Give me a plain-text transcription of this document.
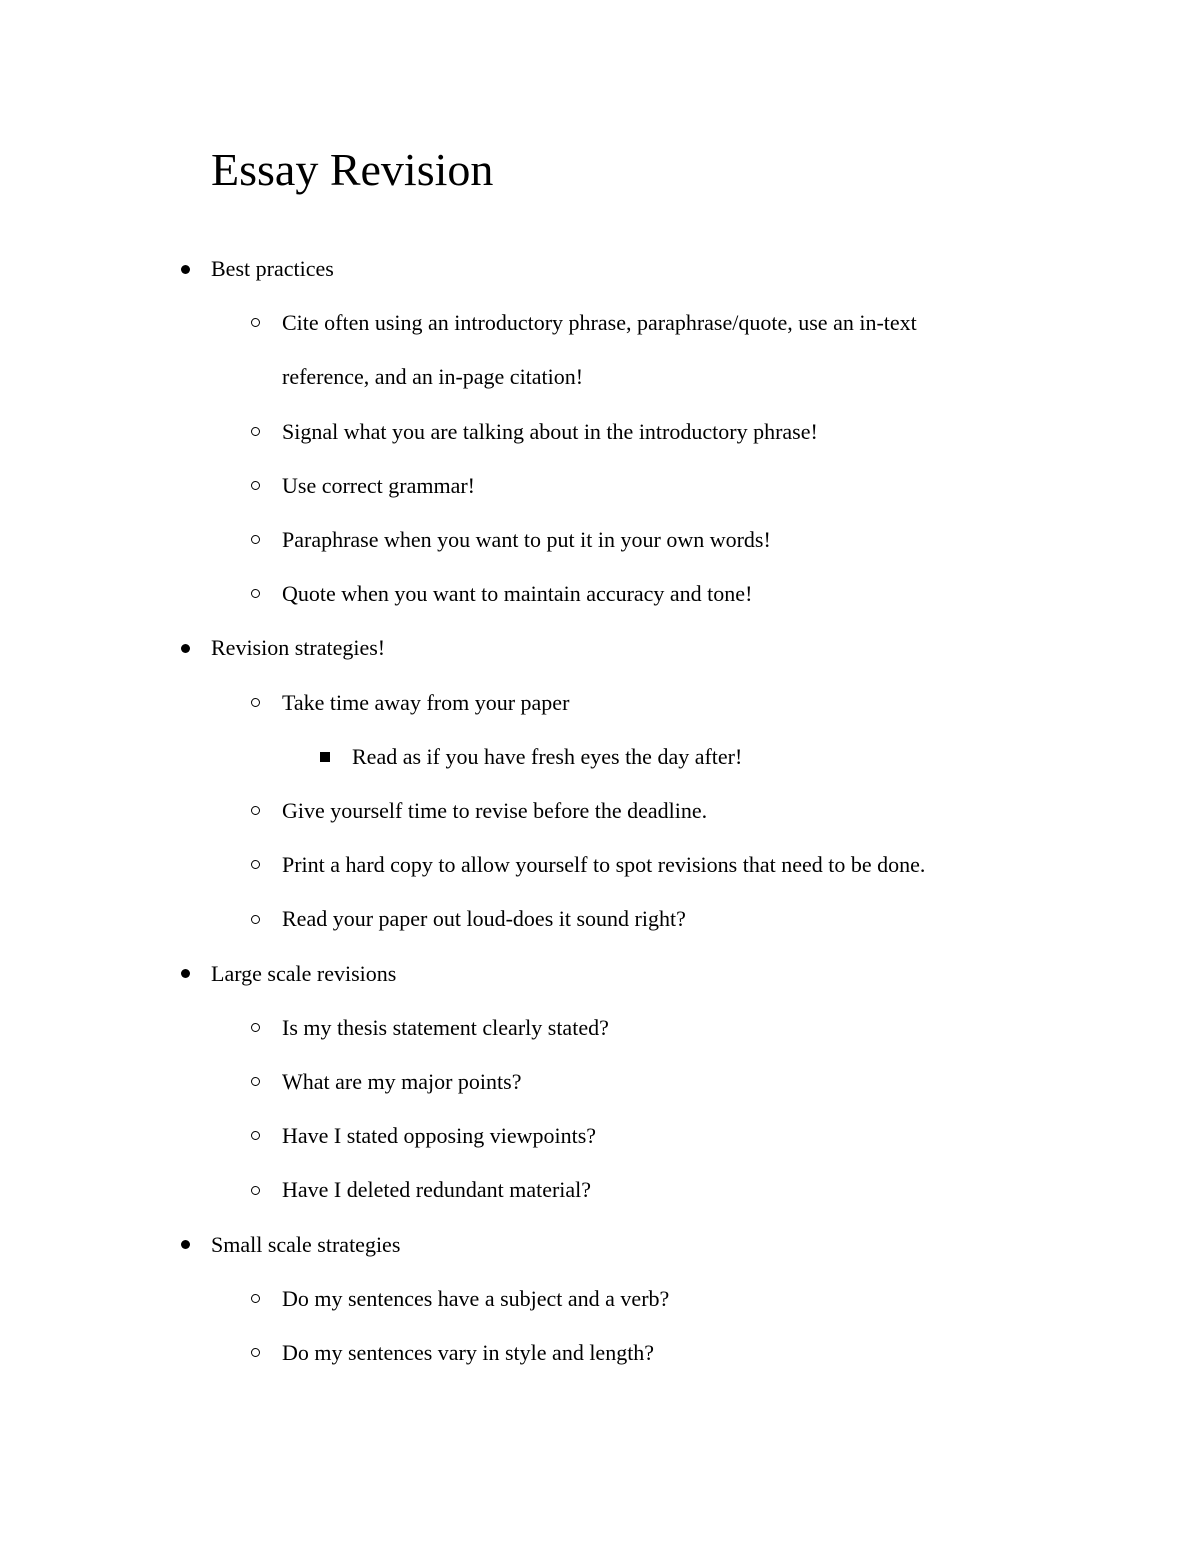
Essay Revision
Best practices
Cite often using an introductory phrase, paraphrase/quote, use an in-text
reference, and an in-page citation!
Signal what you are talking about in the introductory phrase!
Use correct grammar!
Paraphrase when you want to put it in your own words!
Quote when you want to maintain accuracy and tone!
Revision strategies!
Take time away from your paper
Read as if you have fresh eyes the day after!
Give yourself time to revise before the deadline.
Print a hard copy to allow yourself to spot revisions that need to be done.
Read your paper out loud-does it sound right?
Large scale revisions
Is my thesis statement clearly stated?
What are my major points?
Have I stated opposing viewpoints?
Have I deleted redundant material?
Small scale strategies
Do my sentences have a subject and a verb?
Do my sentences vary in style and length?
